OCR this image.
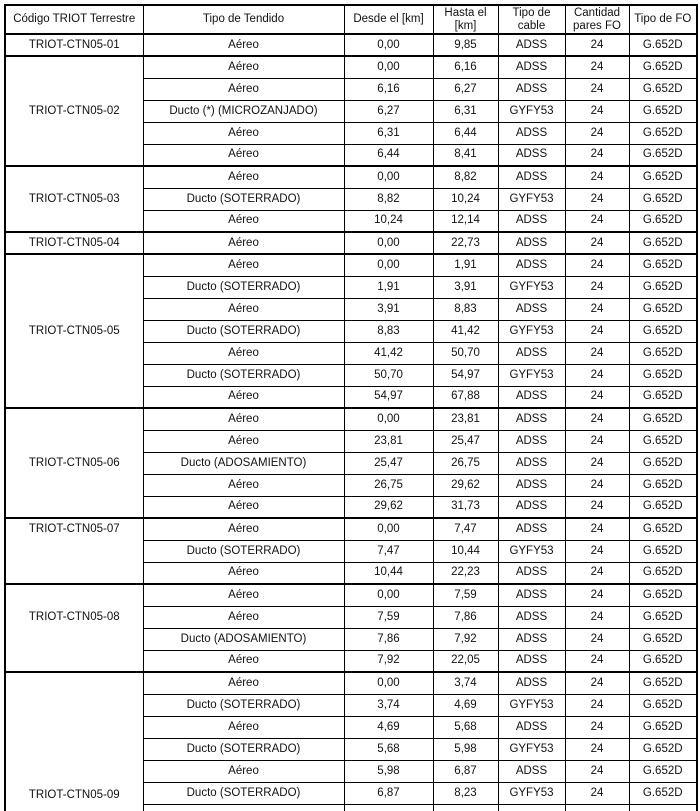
Código TRIOT Terrestre	Tipo de Tendido	Desde el [km]	Hasta el [km]	Tipo de cable	Cantidad pares FO	Tipo de FO
TRIOT-CTN05-01	Aéreo	0,00	9,85	ADSS	24	G.652D
TRIOT-CTN05-02	Aéreo	0,00	6,16	ADSS	24	G.652D
	Aéreo	6,16	6,27	ADSS	24	G.652D
	Ducto (*) (MICROZANJADO)	6,27	6,31	GYFY53	24	G.652D
	Aéreo	6,31	6,44	ADSS	24	G.652D
	Aéreo	6,44	8,41	ADSS	24	G.652D
TRIOT-CTN05-03	Aéreo	0,00	8,82	ADSS	24	G.652D
	Ducto (SOTERRADO)	8,82	10,24	GYFY53	24	G.652D
	Aéreo	10,24	12,14	ADSS	24	G.652D
TRIOT-CTN05-04	Aéreo	0,00	22,73	ADSS	24	G.652D
TRIOT-CTN05-05	Aéreo	0,00	1,91	ADSS	24	G.652D
	Ducto (SOTERRADO)	1,91	3,91	GYFY53	24	G.652D
	Aéreo	3,91	8,83	ADSS	24	G.652D
	Ducto (SOTERRADO)	8,83	41,42	GYFY53	24	G.652D
	Aéreo	41,42	50,70	ADSS	24	G.652D
	Ducto (SOTERRADO)	50,70	54,97	GYFY53	24	G.652D
	Aéreo	54,97	67,88	ADSS	24	G.652D
TRIOT-CTN05-06	Aéreo	0,00	23,81	ADSS	24	G.652D
	Aéreo	23,81	25,47	ADSS	24	G.652D
	Ducto (ADOSAMIENTO)	25,47	26,75	ADSS	24	G.652D
	Aéreo	26,75	29,62	ADSS	24	G.652D
	Aéreo	29,62	31,73	ADSS	24	G.652D
TRIOT-CTN05-07	Aéreo	0,00	7,47	ADSS	24	G.652D
	Ducto (SOTERRADO)	7,47	10,44	GYFY53	24	G.652D
	Aéreo	10,44	22,23	ADSS	24	G.652D
TRIOT-CTN05-08	Aéreo	0,00	7,59	ADSS	24	G.652D
	Aéreo	7,59	7,86	ADSS	24	G.652D
	Ducto (ADOSAMIENTO)	7,86	7,92	ADSS	24	G.652D
	Aéreo	7,92	22,05	ADSS	24	G.652D
TRIOT-CTN05-09	Aéreo	0,00	3,74	ADSS	24	G.652D
	Ducto (SOTERRADO)	3,74	4,69	GYFY53	24	G.652D
	Aéreo	4,69	5,68	ADSS	24	G.652D
	Ducto (SOTERRADO)	5,68	5,98	GYFY53	24	G.652D
	Aéreo	5,98	6,87	ADSS	24	G.652D
	Ducto (SOTERRADO)	6,87	8,23	GYFY53	24	G.652D
